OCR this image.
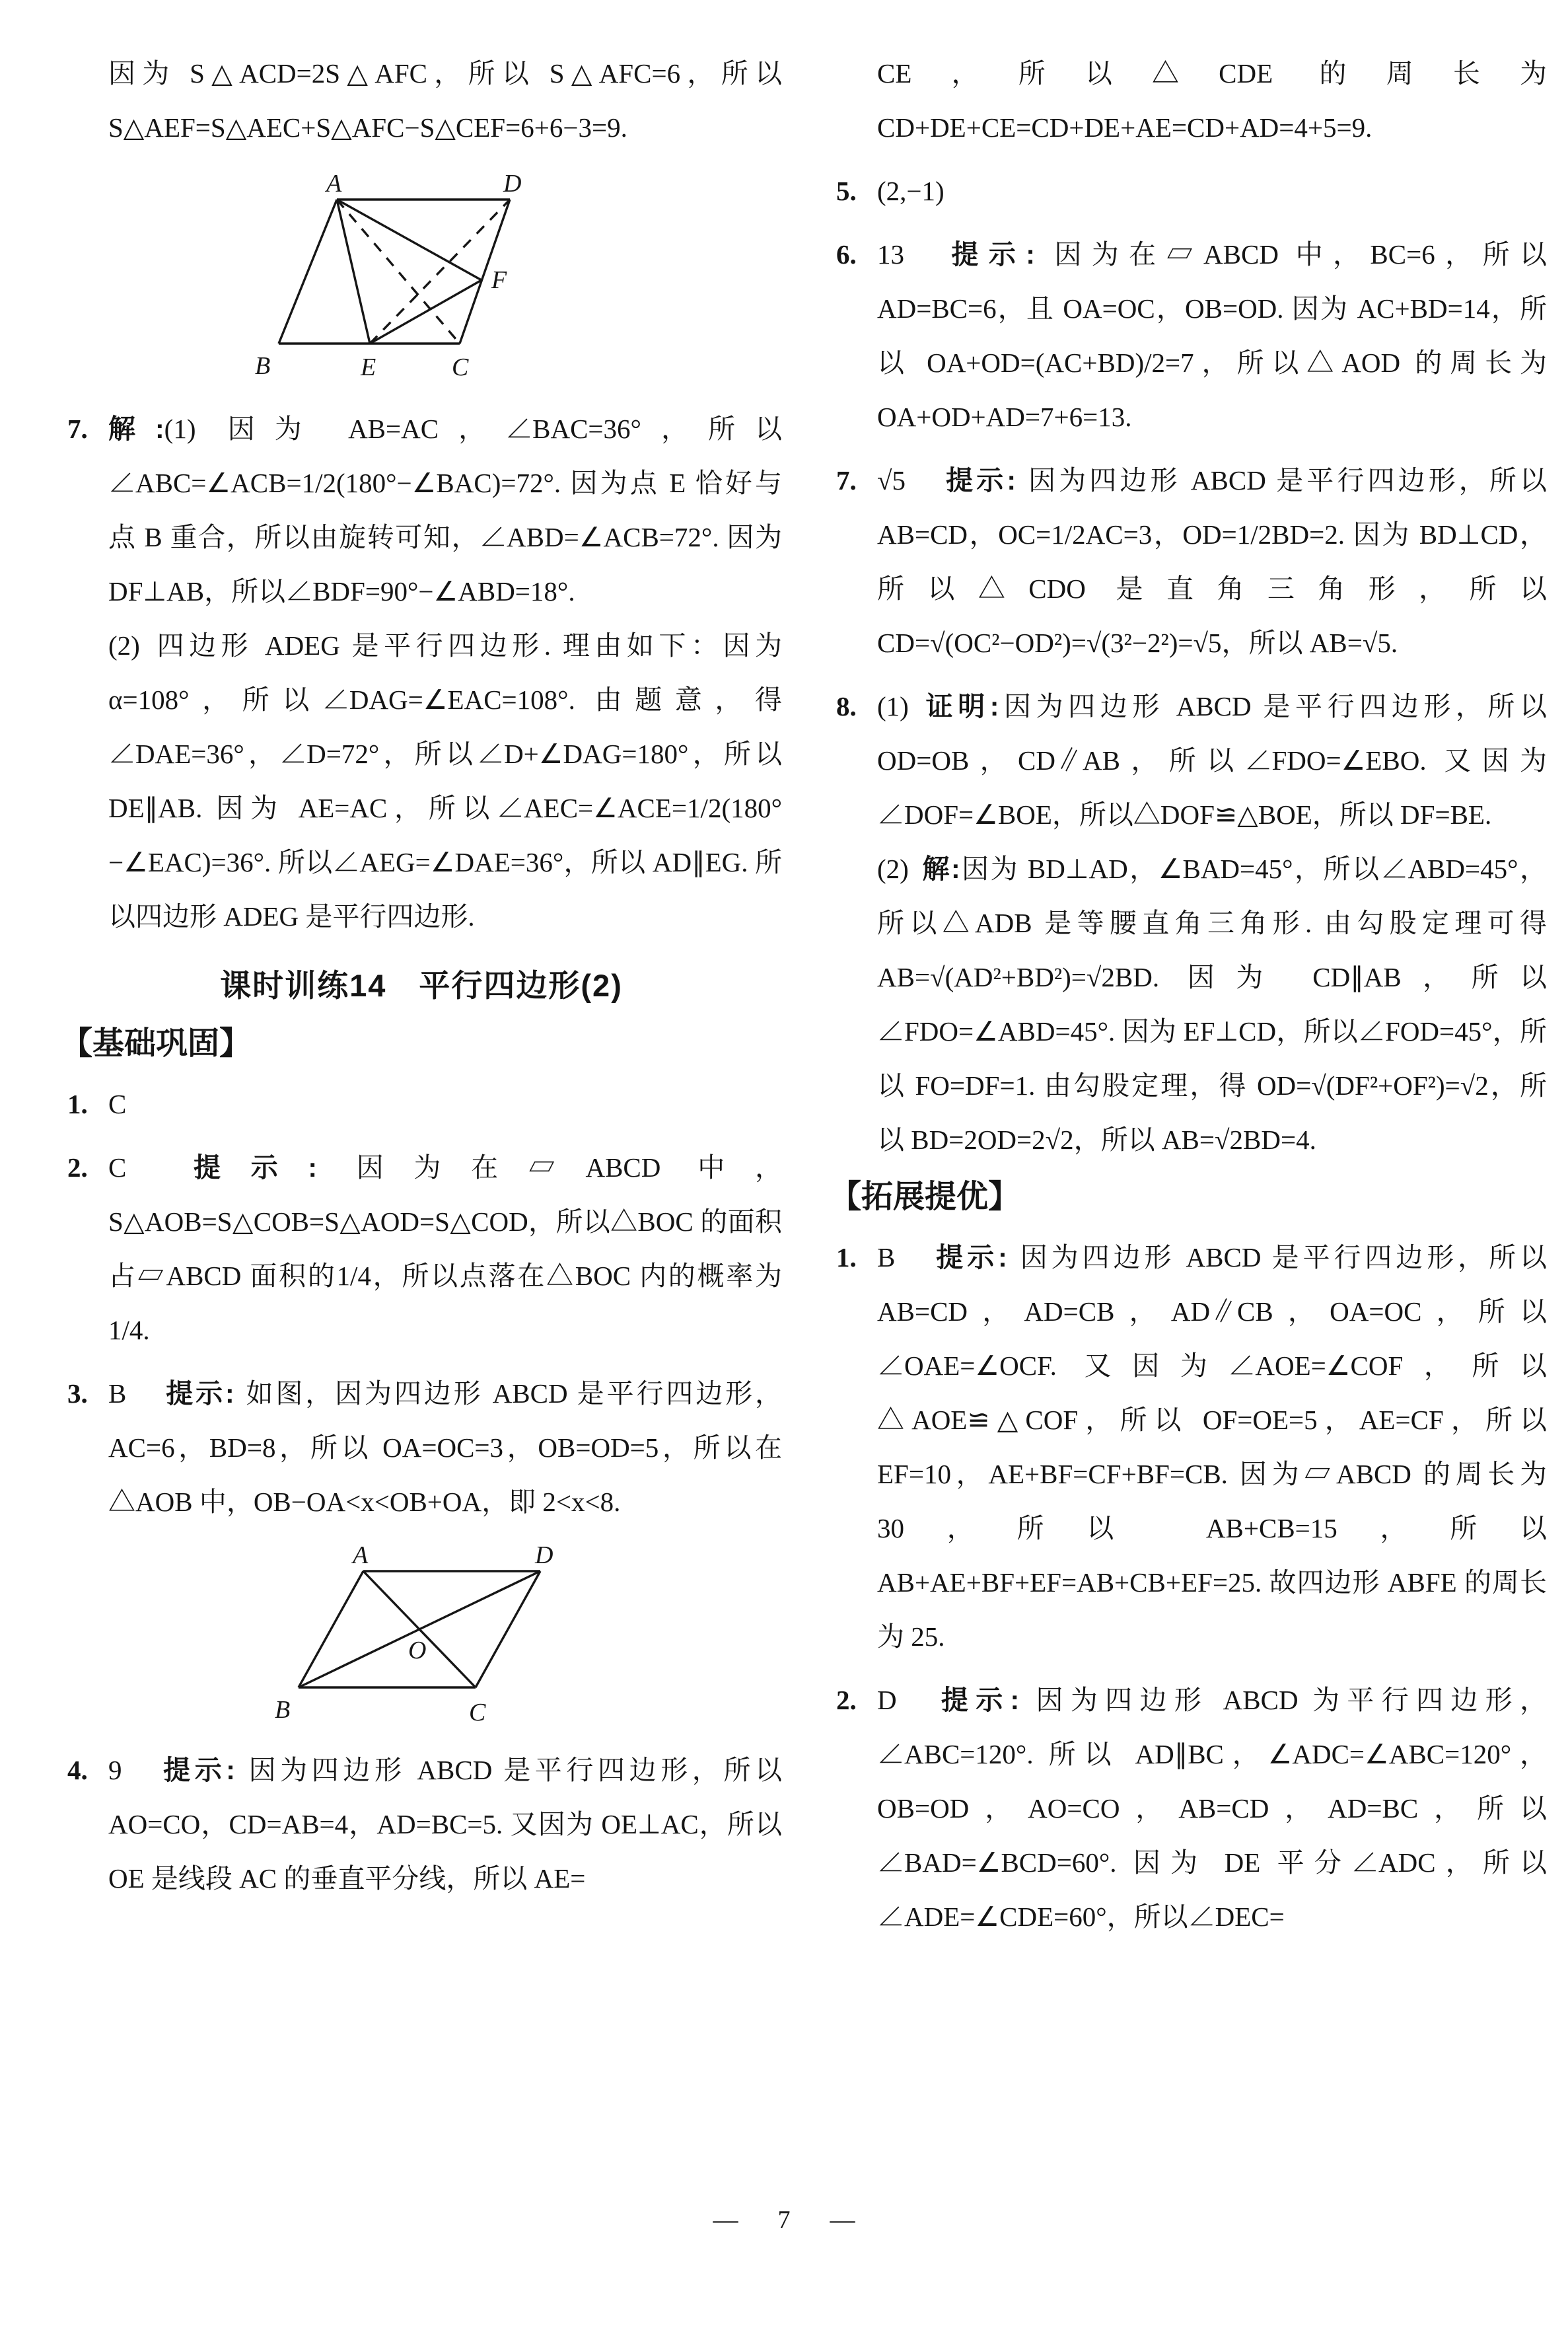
因为 S△ACD=2S△AFC，所以 S△AFC=6，所以 S△AEF=S△AEC+S△AFC−S△CEF=6+6−3=9.

A	D
B	E	C
F
7. 解:(1) 因为 AB=AC，∠BAC=36°，所以∠ABC=∠ACB=1/2(180°−∠BAC)=72°. 因为点 E 恰好与点 B 重合，所以由旋转可知，∠ABD=∠ACB=72°. 因为 DF⊥AB，所以∠BDF=90°−∠ABD=18°.

(2) 四边形 ADEG 是平行四边形. 理由如下：因为 α=108°，所以∠DAG=∠EAC=108°. 由题意，得∠DAE=36°，∠D=72°，所以∠D+∠DAG=180°，所以 DE∥AB. 因为 AE=AC，所以∠AEC=∠ACE=1/2(180°−∠EAC)=36°. 所以∠AEG=∠DAE=36°，所以 AD∥EG. 所以四边形 ADEG 是平行四边形.

课时训练14　平行四边形(2)
【基础巩固】
1. C

2. C 提示: 因为在▱ABCD 中，S△AOB=S△COB=S△AOD=S△COD，所以△BOC 的面积占▱ABCD 面积的1/4，所以点落在△BOC 内的概率为1/4.

3. B 提示: 如图，因为四边形 ABCD 是平行四边形，AC=6，BD=8，所以 OA=OC=3，OB=OD=5，所以在△AOB 中，OB−OA<x<OB+OA，即 2<x<8.

A	D
B	C
O
4. 9 提示: 因为四边形 ABCD 是平行四边形，所以 AO=CO，CD=AB=4，AD=BC=5. 又因为 OE⊥AC，所以 OE 是线段 AC 的垂直平分线，所以 AE=

CE，所以△CDE 的周长为 CD+DE+CE=CD+DE+AE=CD+AD=4+5=9.

5. (2,−1)

6. 13 提示: 因为在▱ABCD 中，BC=6，所以 AD=BC=6，且 OA=OC，OB=OD. 因为 AC+BD=14，所以 OA+OD=(AC+BD)/2=7，所以△AOD 的周长为 OA+OD+AD=7+6=13.

7. √5 提示: 因为四边形 ABCD 是平行四边形，所以 AB=CD，OC=1/2AC=3，OD=1/2BD=2. 因为 BD⊥CD，所以△CDO 是直角三角形，所以 CD=√(OC²−OD²)=√(3²−2²)=√5，所以 AB=√5.

8. (1) 证明:因为四边形 ABCD 是平行四边形，所以 OD=OB，CD∥AB，所以∠FDO=∠EBO. 又因为∠DOF=∠BOE，所以△DOF≌△BOE，所以 DF=BE.

(2) 解:因为 BD⊥AD，∠BAD=45°，所以∠ABD=45°，所以△ADB 是等腰直角三角形. 由勾股定理可得 AB=√(AD²+BD²)=√2BD. 因为 CD∥AB，所以∠FDO=∠ABD=45°. 因为 EF⊥CD，所以∠FOD=45°，所以 FO=DF=1. 由勾股定理，得 OD=√(DF²+OF²)=√2，所以 BD=2OD=2√2，所以 AB=√2BD=4.

【拓展提优】
1. B 提示: 因为四边形 ABCD 是平行四边形，所以 AB=CD，AD=CB，AD∥CB，OA=OC，所以∠OAE=∠OCF. 又因为∠AOE=∠COF，所以△AOE≌△COF，所以 OF=OE=5，AE=CF，所以 EF=10，AE+BF=CF+BF=CB. 因为▱ABCD 的周长为 30，所以 AB+CB=15，所以 AB+AE+BF+EF=AB+CB+EF=25. 故四边形 ABFE 的周长为 25.

2. D 提示: 因为四边形 ABCD 为平行四边形，∠ABC=120°. 所以 AD∥BC，∠ADC=∠ABC=120°，OB=OD，AO=CO，AB=CD，AD=BC，所以∠BAD=∠BCD=60°. 因为 DE 平分∠ADC，所以∠ADE=∠CDE=60°，所以∠DEC=

— 7 —
